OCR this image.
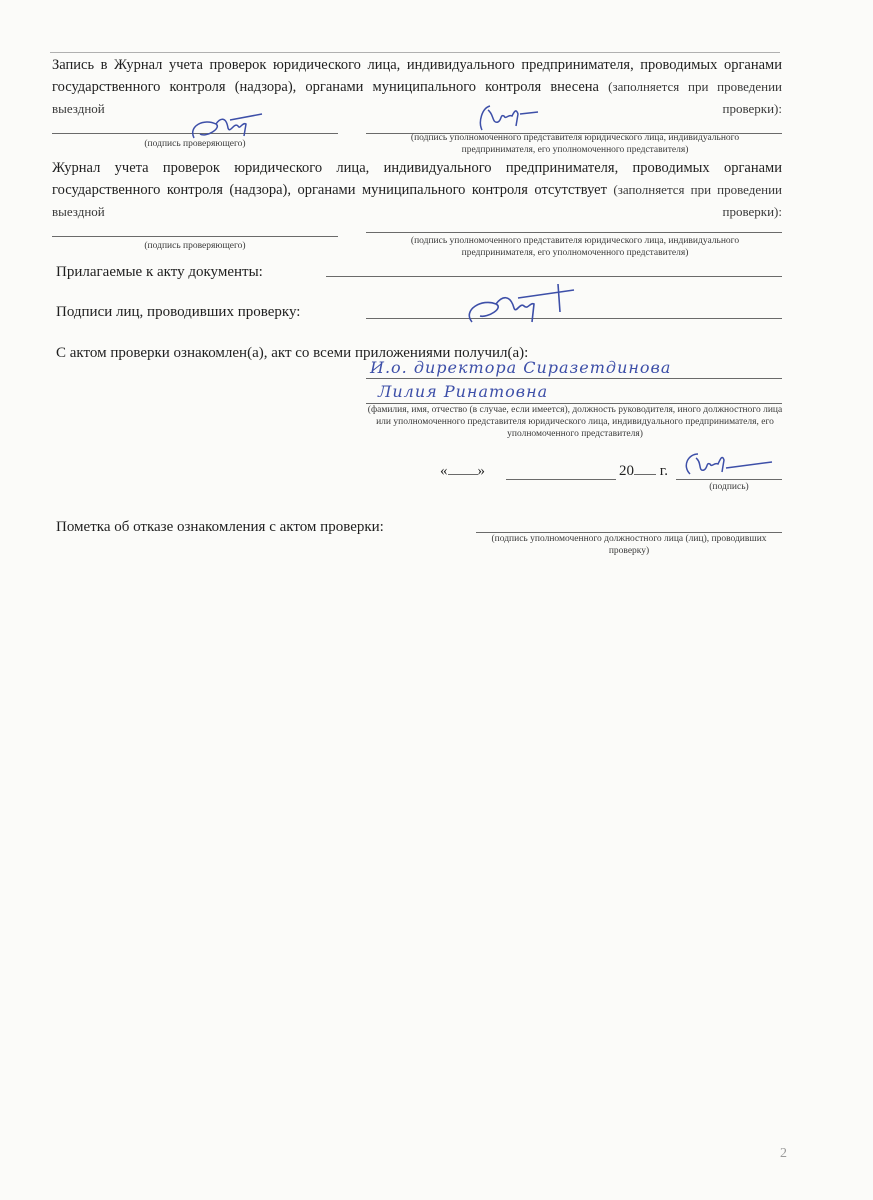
Запись в Журнал учета проверок юридического лица, индивидуального предпринимателя, проводимых органами государственного контроля (надзора), органами муниципального контроля внесена (заполняется при проведении выездной проверки):
(подпись проверяющего)
(подпись уполномоченного представителя юридического лица, индивидуального предпринимателя, его уполномоченного представителя)
Журнал учета проверок юридического лица, индивидуального предпринимателя, проводимых органами государственного контроля (надзора), органами муниципального контроля отсутствует (заполняется при проведении выездной проверки):
(подпись проверяющего)	(подпись уполномоченного представителя юридического лица, индивидуального предпринимателя, его уполномоченного представителя)
Прилагаемые к акту документы:
Подписи лиц, проводивших проверку:
С актом проверки ознакомлен(а), акт со всеми приложениями получил(а):
И.о. директора Сиразетдинова
Лилия Ринатовна
(фамилия, имя, отчество (в случае, если имеется), должность руководителя, иного должностного лица или уполномоченного представителя юридического лица, индивидуального предпринимателя, его уполномоченного представителя)
« »	20 г.
(подпись)
Пометка об отказе ознакомления с актом проверки:
(подпись уполномоченного должностного лица (лиц), проводивших проверку)
2
